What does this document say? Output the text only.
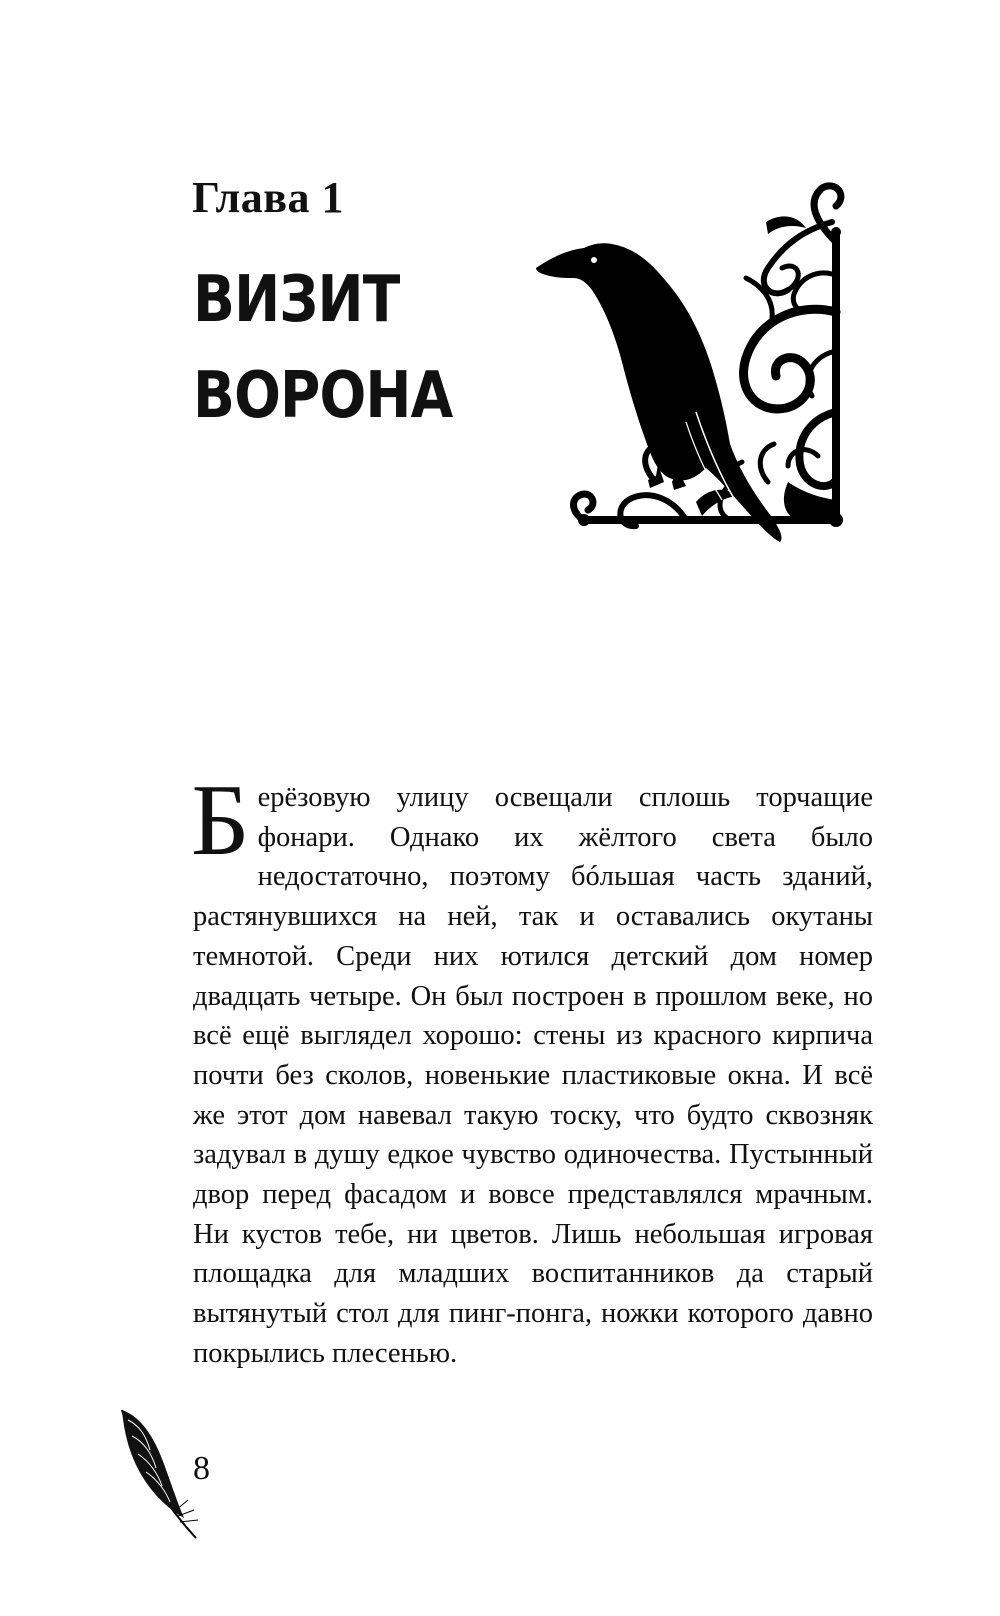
Глава 1
ВИЗИТ
ВОРОНА

Берёзовую улицу освещали сплошь торчащие фонари. Однако их жёлтого света было недостаточно, поэтому бóльшая часть зданий, растянувшихся на ней, так и оставались окутаны темнотой. Среди них ютился детский дом номер двадцать четыре. Он был построен в прошлом веке, но всё ещё выглядел хорошо: стены из красного кирпича почти без сколов, новенькие пластиковые окна. И всё же этот дом навевал такую тоску, что будто сквозняк задувал в душу едкое чувство одиночества. Пустынный двор перед фасадом и вовсе представлялся мрачным. Ни кустов тебе, ни цветов. Лишь небольшая игровая площадка для младших воспитанников да старый вытянутый стол для пинг-понга, ножки которого давно покрылись плесенью.

8
